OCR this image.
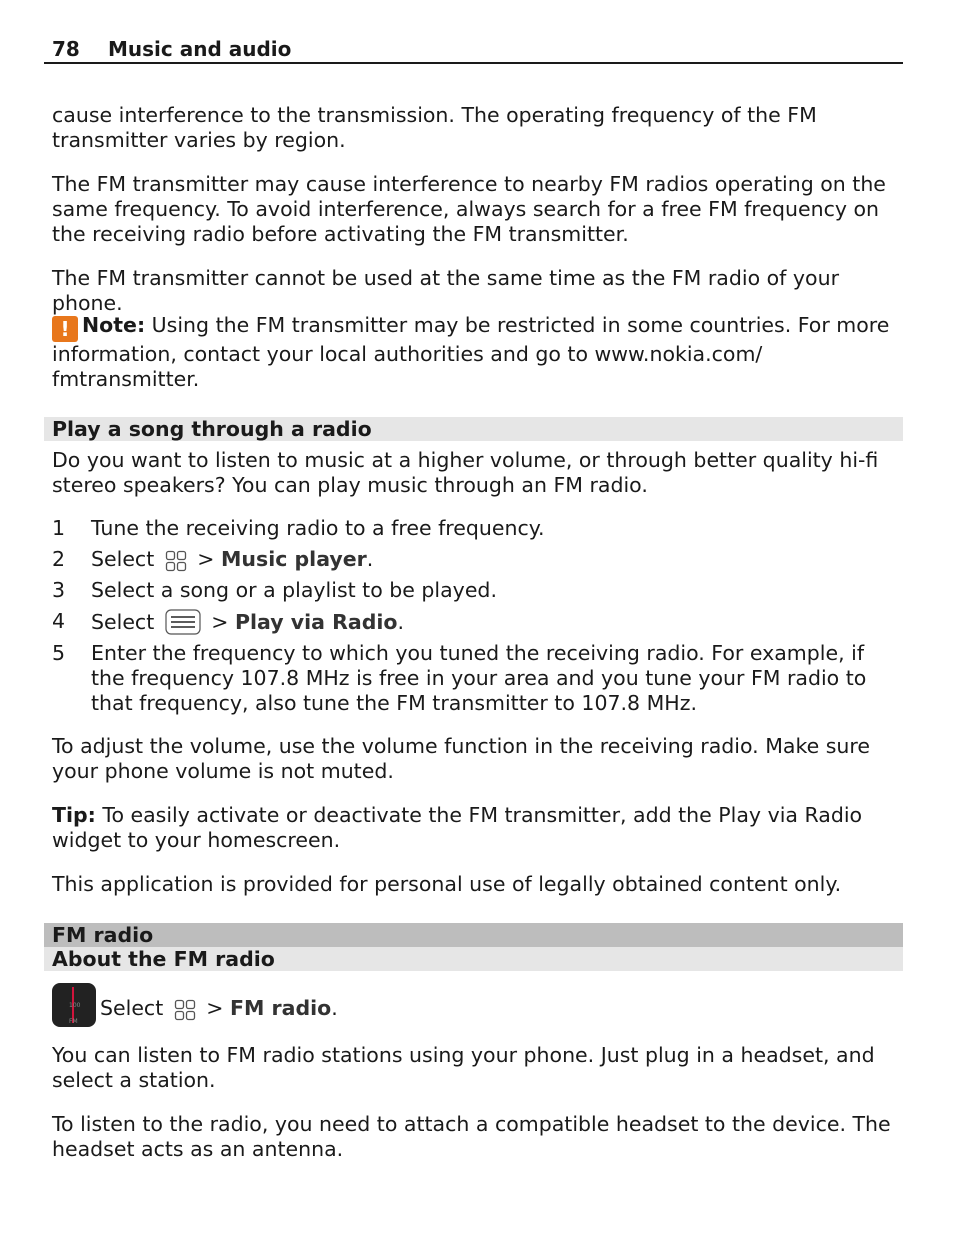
78 Music and audio

cause interference to the transmission. The operating frequency of the FM transmitter varies by region.

The FM transmitter may cause interference to nearby FM radios operating on the same frequency. To avoid interference, always search for a free FM frequency on the receiving radio before activating the FM transmitter.

The FM transmitter cannot be used at the same time as the FM radio of your phone.

! Note: Using the FM transmitter may be restricted in some countries. For more information, contact your local authorities and go to www.nokia.com/ fmtransmitter.

Do you want to listen to music at a higher volume, or through better quality hi-fi stereo speakers? You can play music through an FM radio.

1 Tune the receiving radio to a free frequency.
2 Select  > Music player.
3 Select a song or a playlist to be played.
4 Select  > Play via Radio.
5 Enter the frequency to which you tuned the receiving radio. For example, if the frequency 107.8 MHz is free in your area and you tune your FM radio to that frequency, also tune the FM transmitter to 107.8 MHz.

To adjust the volume, use the volume function in the receiving radio. Make sure your phone volume is not muted.

Tip: To easily activate or deactivate the FM transmitter, add the Play via Radio widget to your homescreen.

This application is provided for personal use of legally obtained content only.

100
FM
Select  > FM radio.

You can listen to FM radio stations using your phone. Just plug in a headset, and select a station.

To listen to the radio, you need to attach a compatible headset to the device. The headset acts as an antenna.

Play a song through a radio
FM radio
About the FM radio
